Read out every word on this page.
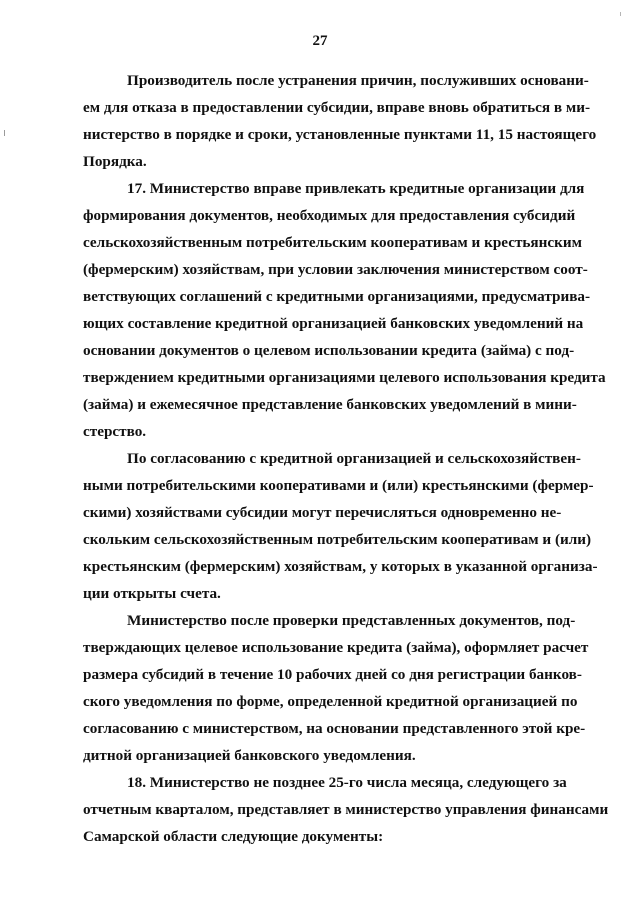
27
Производитель после устранения причин, послуживших основани-
ем для отказа в предоставлении субсидии, вправе вновь обратиться в ми-
нистерство в порядке и сроки, установленные пунктами 11, 15 настоящего
Порядка.
17. Министерство вправе привлекать кредитные организации для
формирования документов, необходимых для предоставления субсидий
сельскохозяйственным потребительским кооперативам и крестьянским
(фермерским) хозяйствам, при условии заключения министерством соот-
ветствующих соглашений с кредитными организациями, предусматрива-
ющих составление кредитной организацией банковских уведомлений на
основании документов о целевом использовании кредита (займа) с под-
тверждением кредитными организациями целевого использования кредита
(займа) и ежемесячное представление банковских уведомлений в мини-
стерство.
По согласованию с кредитной организацией и сельскохозяйствен-
ными потребительскими кооперативами и (или) крестьянскими (фермер-
скими) хозяйствами субсидии могут перечисляться одновременно не-
скольким сельскохозяйственным потребительским кооперативам и (или)
крестьянским (фермерским) хозяйствам, у которых в указанной организа-
ции открыты счета.
Министерство после проверки представленных документов, под-
тверждающих целевое использование кредита (займа), оформляет расчет
размера субсидий в течение 10 рабочих дней со дня регистрации банков-
ского уведомления по форме, определенной кредитной организацией по
согласованию с министерством, на основании представленного этой кре-
дитной организацией банковского уведомления.
18. Министерство не позднее 25-го числа месяца, следующего за
отчетным кварталом, представляет в министерство управления финансами
Самарской области следующие документы:
